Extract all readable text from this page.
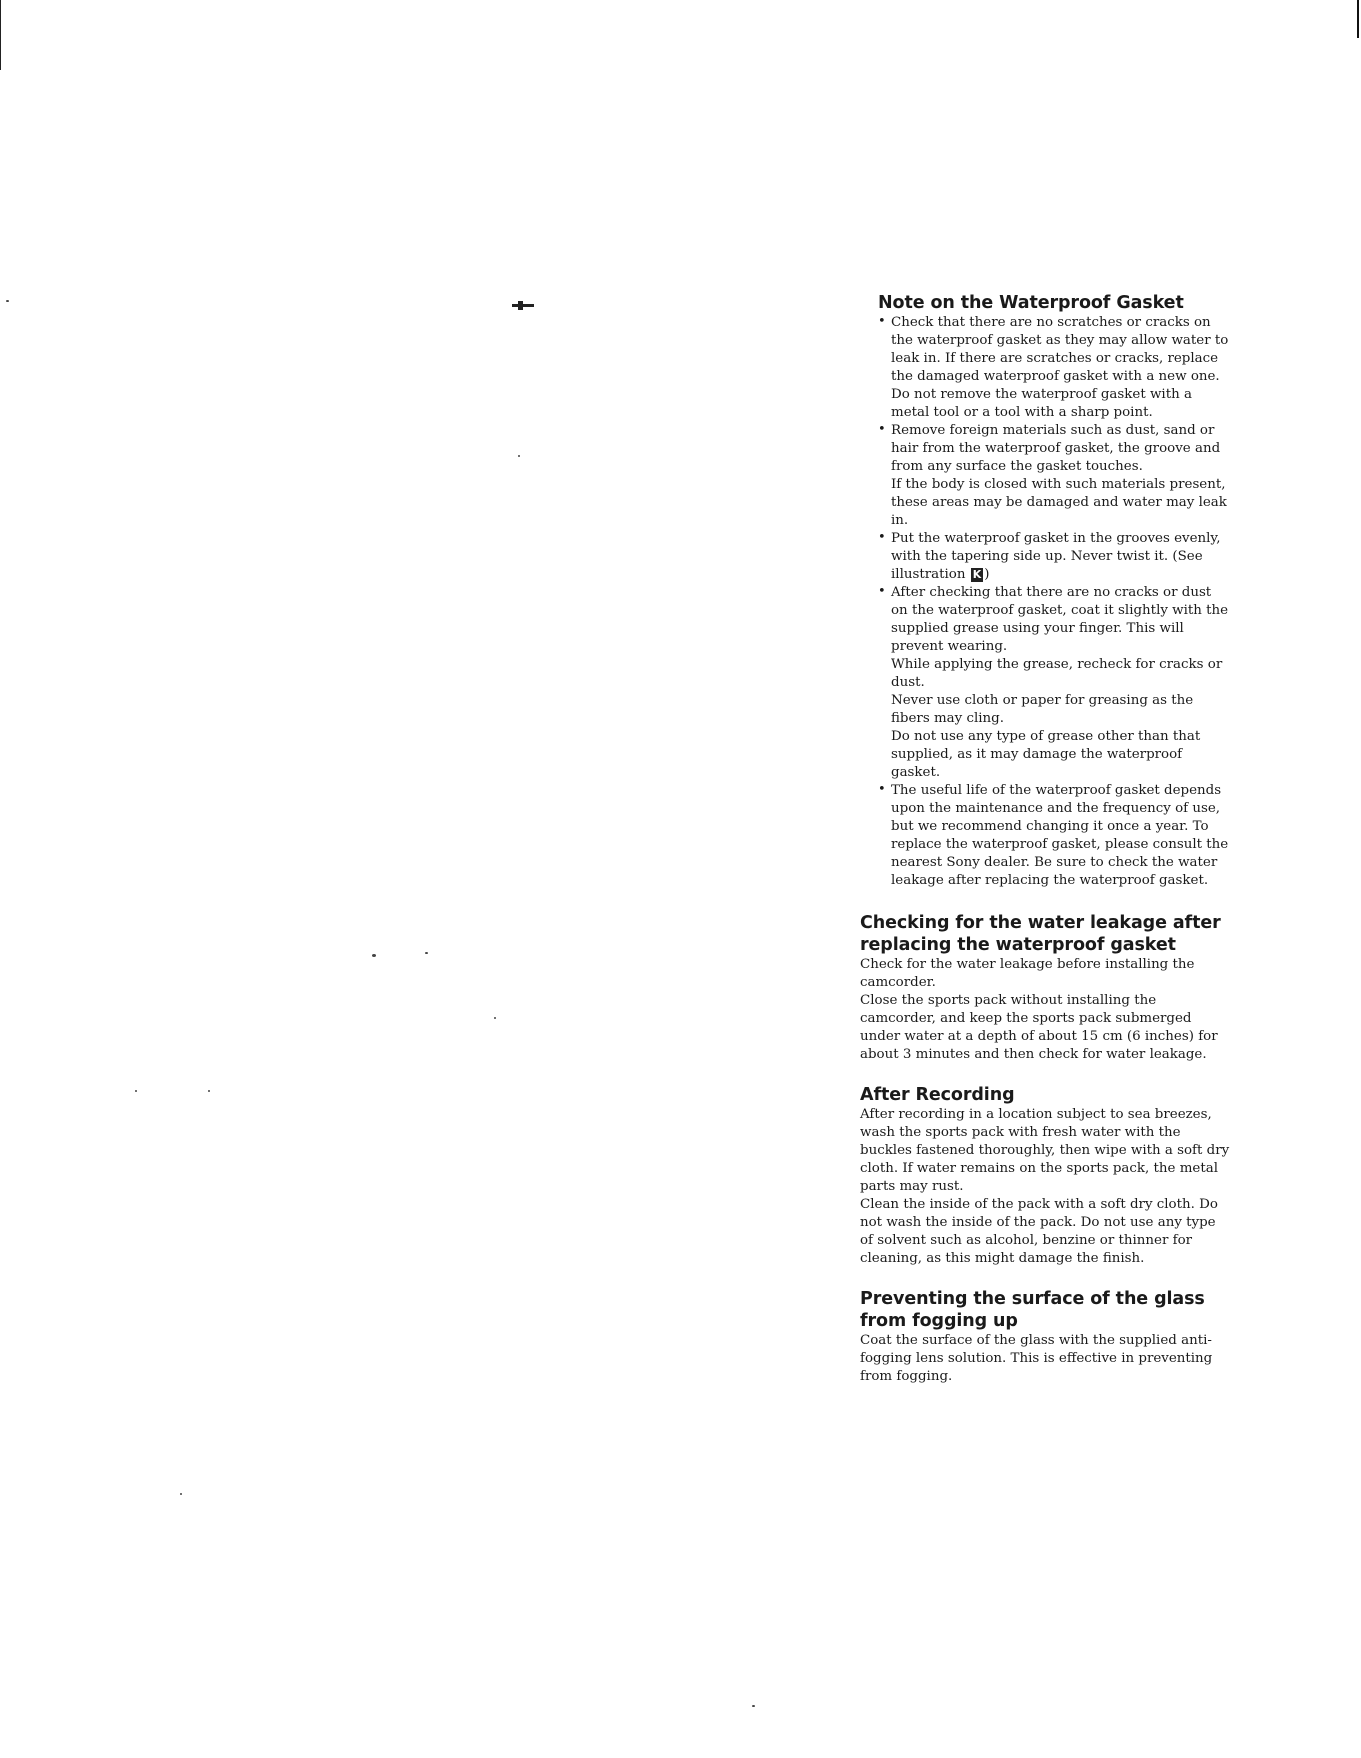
Note on the Waterproof Gasket

• Check that there are no scratches or cracks on the waterproof gasket as they may allow water to leak in. If there are scratches or cracks, replace the damaged waterproof gasket with a new one.

Do not remove the waterproof gasket with a metal tool or a tool with a sharp point.

• Remove foreign materials such as dust, sand or hair from the waterproof gasket, the groove and from any surface the gasket touches.

If the body is closed with such materials present, these areas may be damaged and water may leak in.

• Put the waterproof gasket in the grooves evenly, with the tapering side up. Never twist it. (See illustration K )

• After checking that there are no cracks or dust on the waterproof gasket, coat it slightly with the supplied grease using your finger. This will prevent wearing.

While applying the grease, recheck for cracks or dust.

Never use cloth or paper for greasing as the fibers may cling.

Do not use any type of grease other than that supplied, as it may damage the waterproof gasket.

• The useful life of the waterproof gasket depends upon the maintenance and the frequency of use, but we recommend changing it once a year. To replace the waterproof gasket, please consult the nearest Sony dealer. Be sure to check the water leakage after replacing the waterproof gasket.

Checking for the water leakage after replacing the waterproof gasket

Check for the water leakage before installing the camcorder.

Close the sports pack without installing the camcorder, and keep the sports pack submerged under water at a depth of about 15 cm (6 inches) for about 3 minutes and then check for water leakage.

After Recording

After recording in a location subject to sea breezes, wash the sports pack with fresh water with the buckles fastened thoroughly, then wipe with a soft dry cloth. If water remains on the sports pack, the metal parts may rust.

Clean the inside of the pack with a soft dry cloth. Do not wash the inside of the pack. Do not use any type of solvent such as alcohol, benzine or thinner for cleaning, as this might damage the finish.

Preventing the surface of the glass from fogging up

Coat the surface of the glass with the supplied anti-fogging lens solution. This is effective in preventing from fogging.
